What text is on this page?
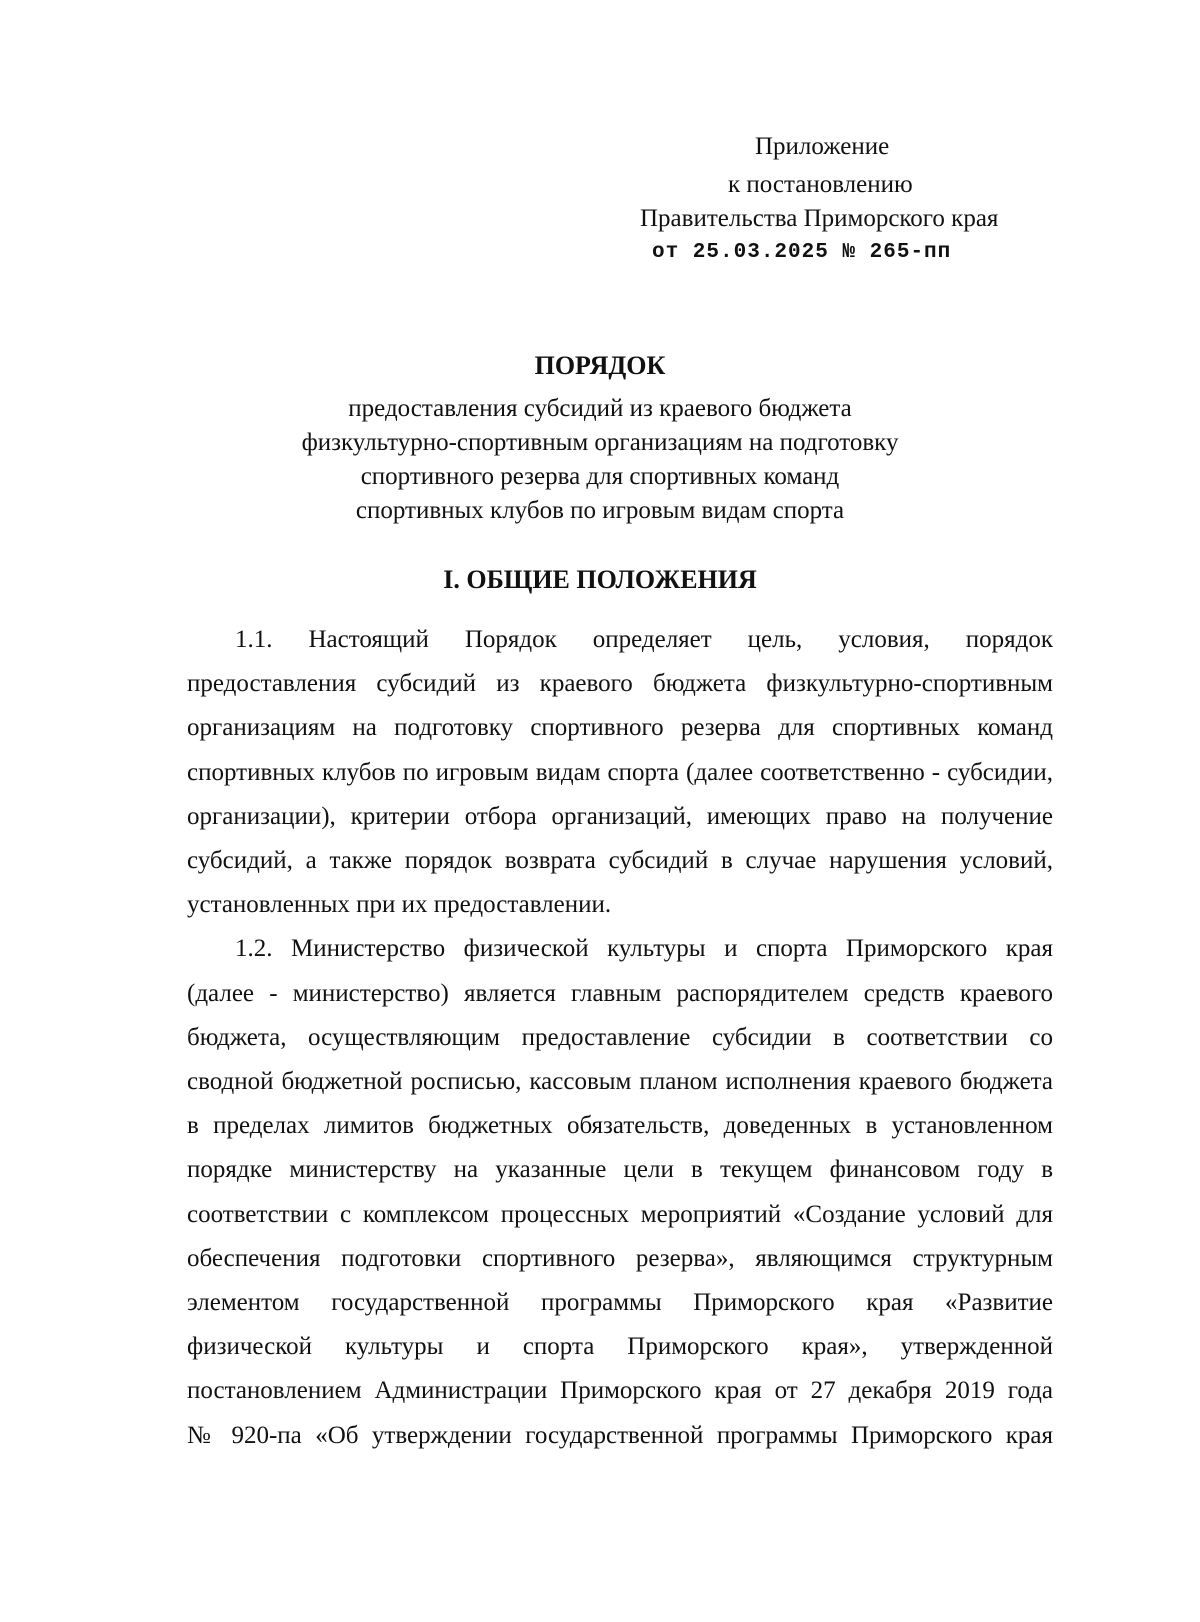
Приложение
к постановлению
Правительства Приморского края
от 25.03.2025 № 265-пп
ПОРЯДОК
предоставления субсидий из краевого бюджета
физкультурно-спортивным организациям на подготовку
спортивного резерва для спортивных команд
спортивных клубов по игровым видам спорта
I. ОБЩИЕ ПОЛОЖЕНИЯ
1.1. Настоящий Порядок определяет цель, условия, порядок
предоставления субсидий из краевого бюджета физкультурно-спортивным
организациям на подготовку спортивного резерва для спортивных команд
спортивных клубов по игровым видам спорта (далее соответственно - субсидии,
организации), критерии отбора организаций, имеющих право на получение
субсидий, а также порядок возврата субсидий в случае нарушения условий,
установленных при их предоставлении.
1.2. Министерство физической культуры и спорта Приморского края
(далее - министерство) является главным распорядителем средств краевого
бюджета, осуществляющим предоставление субсидии в соответствии со
сводной бюджетной росписью, кассовым планом исполнения краевого бюджета
в пределах лимитов бюджетных обязательств, доведенных в установленном
порядке министерству на указанные цели в текущем финансовом году в
соответствии с комплексом процессных мероприятий «Создание условий для
обеспечения подготовки спортивного резерва», являющимся структурным
элементом государственной программы Приморского края «Развитие
физической культуры и спорта Приморского края», утвержденной
постановлением Администрации Приморского края от 27 декабря 2019 года
№ 920-па «Об утверждении государственной программы Приморского края
